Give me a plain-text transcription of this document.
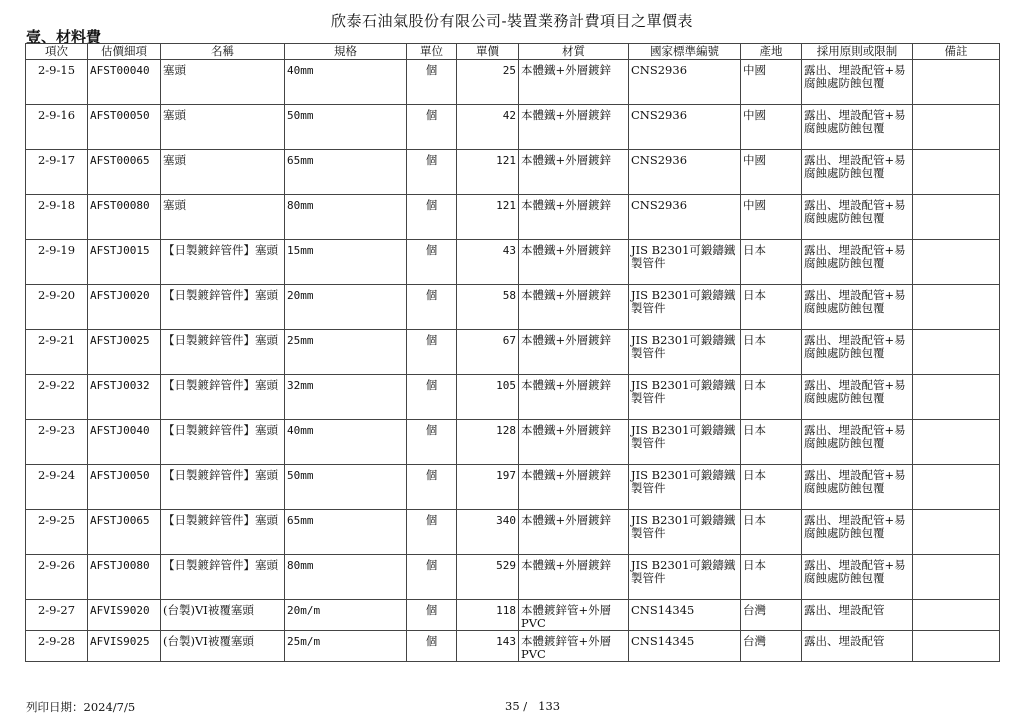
欣泰石油氣股份有限公司-裝置業務計費項目之單價表
壹、材料費
項次	估價細項	名稱	規格	單位	單價	材質	國家標準編號	產地	採用原則或限制	備註
2-9-15	AFST00040	塞頭	40mm	個	25	本體鐵+外層鍍鋅	CNS2936	中國	露出、埋設配管+易腐蝕處防蝕包覆	
2-9-16	AFST00050	塞頭	50mm	個	42	本體鐵+外層鍍鋅	CNS2936	中國	露出、埋設配管+易腐蝕處防蝕包覆	
2-9-17	AFST00065	塞頭	65mm	個	121	本體鐵+外層鍍鋅	CNS2936	中國	露出、埋設配管+易腐蝕處防蝕包覆	
2-9-18	AFST00080	塞頭	80mm	個	121	本體鐵+外層鍍鋅	CNS2936	中國	露出、埋設配管+易腐蝕處防蝕包覆	
2-9-19	AFSTJ0015	【日製鍍鋅管件】塞頭	15mm	個	43	本體鐵+外層鍍鋅	JIS B2301可鍛鑄鐵製管件	日本	露出、埋設配管+易腐蝕處防蝕包覆	
2-9-20	AFSTJ0020	【日製鍍鋅管件】塞頭	20mm	個	58	本體鐵+外層鍍鋅	JIS B2301可鍛鑄鐵製管件	日本	露出、埋設配管+易腐蝕處防蝕包覆	
2-9-21	AFSTJ0025	【日製鍍鋅管件】塞頭	25mm	個	67	本體鐵+外層鍍鋅	JIS B2301可鍛鑄鐵製管件	日本	露出、埋設配管+易腐蝕處防蝕包覆	
2-9-22	AFSTJ0032	【日製鍍鋅管件】塞頭	32mm	個	105	本體鐵+外層鍍鋅	JIS B2301可鍛鑄鐵製管件	日本	露出、埋設配管+易腐蝕處防蝕包覆	
2-9-23	AFSTJ0040	【日製鍍鋅管件】塞頭	40mm	個	128	本體鐵+外層鍍鋅	JIS B2301可鍛鑄鐵製管件	日本	露出、埋設配管+易腐蝕處防蝕包覆	
2-9-24	AFSTJ0050	【日製鍍鋅管件】塞頭	50mm	個	197	本體鐵+外層鍍鋅	JIS B2301可鍛鑄鐵製管件	日本	露出、埋設配管+易腐蝕處防蝕包覆	
2-9-25	AFSTJ0065	【日製鍍鋅管件】塞頭	65mm	個	340	本體鐵+外層鍍鋅	JIS B2301可鍛鑄鐵製管件	日本	露出、埋設配管+易腐蝕處防蝕包覆	
2-9-26	AFSTJ0080	【日製鍍鋅管件】塞頭	80mm	個	529	本體鐵+外層鍍鋅	JIS B2301可鍛鑄鐵製管件	日本	露出、埋設配管+易腐蝕處防蝕包覆	
2-9-27	AFVIS9020	(台製)VI被覆塞頭	20m/m	個	118	本體鍍鋅管+外層PVC	CNS14345	台灣	露出、埋設配管	
2-9-28	AFVIS9025	(台製)VI被覆塞頭	25m/m	個	143	本體鍍鋅管+外層PVC	CNS14345	台灣	露出、埋設配管	
列印日期：2024/7/5	35 /   133
